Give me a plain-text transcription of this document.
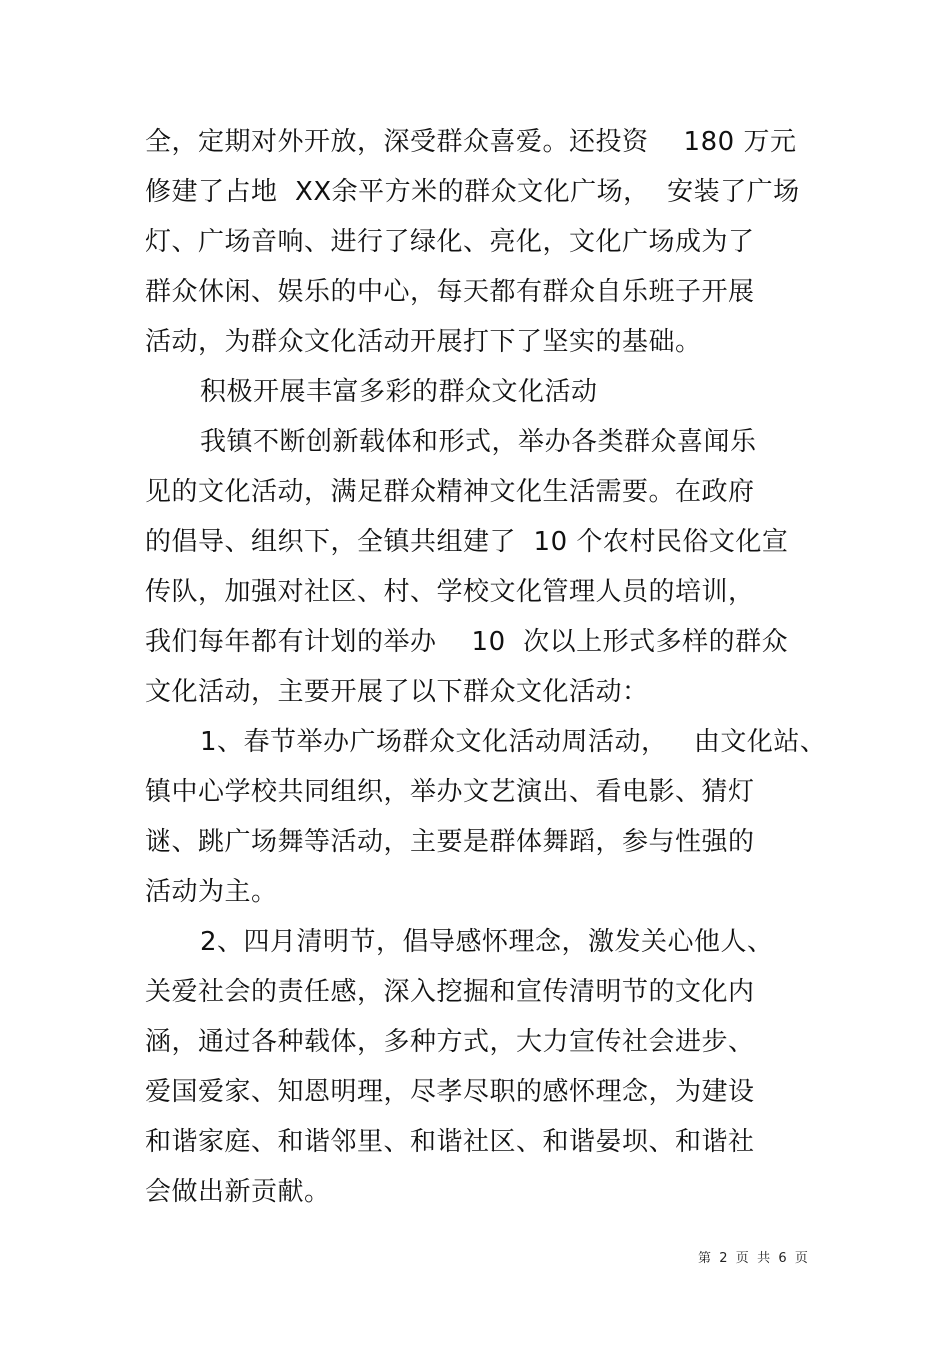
全，定期对外开放，深受群众喜爱。还投资    180 万元
修建了占地  XX余平方米的群众文化广场，  安装了广场
灯、广场音响、进行了绿化、亮化，文化广场成为了
群众休闲、娱乐的中心，每天都有群众自乐班子开展
活动，为群众文化活动开展打下了坚实的基础。
积极开展丰富多彩的群众文化活动
我镇不断创新载体和形式，举办各类群众喜闻乐
见的文化活动，满足群众精神文化生活需要。在政府
的倡导、组织下，全镇共组建了  10 个农村民俗文化宣
传队，加强对社区、村、学校文化管理人员的培训，
我们每年都有计划的举办    10  次以上形式多样的群众
文化活动，主要开展了以下群众文化活动：
1、春节举办广场群众文化活动周活动，   由文化站、
镇中心学校共同组织，举办文艺演出、看电影、猜灯
谜、跳广场舞等活动，主要是群体舞蹈，参与性强的
活动为主。
2、四月清明节，倡导感怀理念，激发关心他人、
关爱社会的责任感，深入挖掘和宣传清明节的文化内
涵，通过各种载体，多种方式，大力宣传社会进步、
爱国爱家、知恩明理，尽孝尽职的感怀理念，为建设
和谐家庭、和谐邻里、和谐社区、和谐晏坝、和谐社
会做出新贡献。
第  2  页  共  6  页
